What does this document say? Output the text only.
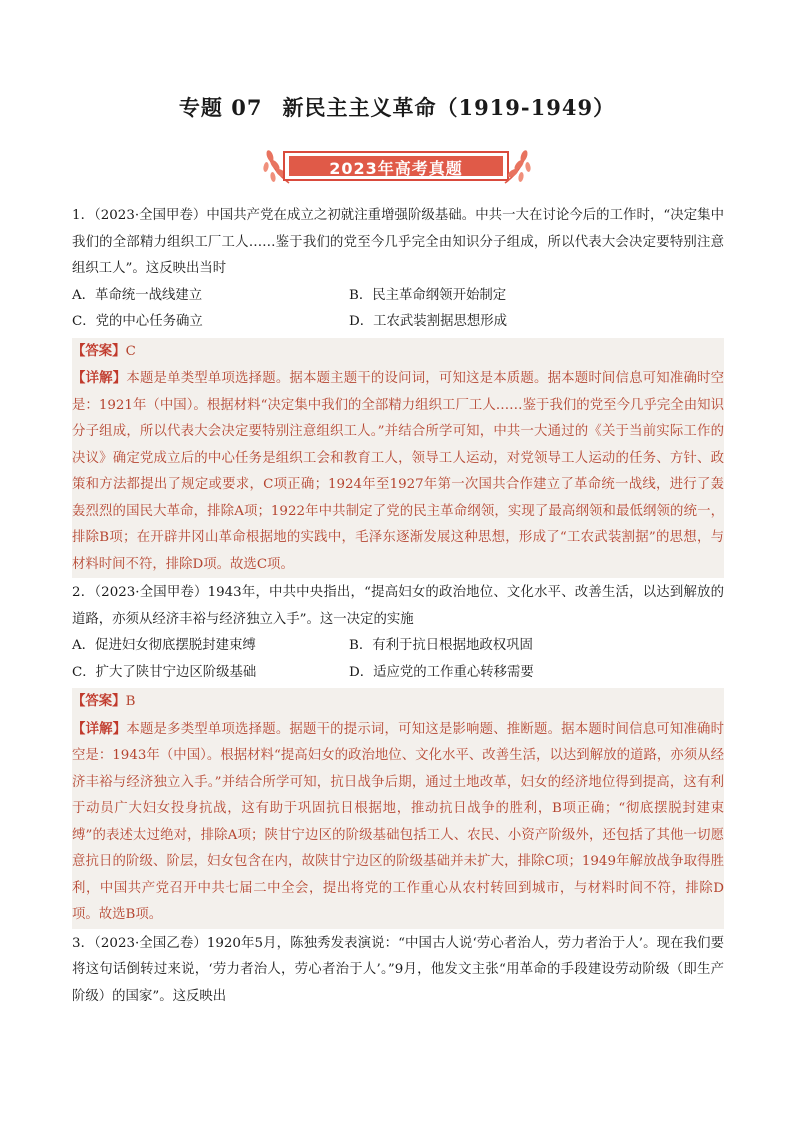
专题 07 新民主主义革命（1919-1949）
2023年高考真题

1．（2023·全国甲卷）中国共产党在成立之初就注重增强阶级基础。中共一大在讨论今后的工作时，“决定集中我们的全部精力组织工厂工人……鉴于我们的党至今几乎完全由知识分子组成，所以代表大会决定要特别注意组织工人”。这反映出当时

A．革命统一战线建立	B．民主革命纲领开始制定
C．党的中心任务确立	D．工农武装割据思想形成

【答案】C

【详解】本题是单类型单项选择题。据本题主题干的设问词，可知这是本质题。据本题时间信息可知准确时空是：1921年（中国）。根据材料“决定集中我们的全部精力组织工厂工人……鉴于我们的党至今几乎完全由知识分子组成，所以代表大会决定要特别注意组织工人。”并结合所学可知，中共一大通过的《关于当前实际工作的决议》确定党成立后的中心任务是组织工会和教育工人，领导工人运动，对党领导工人运动的任务、方针、政策和方法都提出了规定或要求，C项正确；1924年至1927年第一次国共合作建立了革命统一战线，进行了轰轰烈烈的国民大革命，排除A项；1922年中共制定了党的民主革命纲领，实现了最高纲领和最低纲领的统一，排除B项；在开辟井冈山革命根据地的实践中，毛泽东逐渐发展这种思想，形成了“工农武装割据”的思想，与材料时间不符，排除D项。故选C项。

2．（2023·全国甲卷）1943年，中共中央指出，“提高妇女的政治地位、文化水平、改善生活，以达到解放的道路，亦须从经济丰裕与经济独立入手”。这一决定的实施

A．促进妇女彻底摆脱封建束缚	B．有利于抗日根据地政权巩固
C．扩大了陕甘宁边区阶级基础	D．适应党的工作重心转移需要

【答案】B

【详解】本题是多类型单项选择题。据题干的提示词，可知这是影响题、推断题。据本题时间信息可知准确时空是：1943年（中国）。根据材料“提高妇女的政治地位、文化水平、改善生活，以达到解放的道路，亦须从经济丰裕与经济独立入手。”并结合所学可知，抗日战争后期，通过土地改革，妇女的经济地位得到提高，这有利于动员广大妇女投身抗战，这有助于巩固抗日根据地，推动抗日战争的胜利，B项正确；“彻底摆脱封建束缚”的表述太过绝对，排除A项；陕甘宁边区的阶级基础包括工人、农民、小资产阶级外，还包括了其他一切愿意抗日的阶级、阶层，妇女包含在内，故陕甘宁边区的阶级基础并未扩大，排除C项；1949年解放战争取得胜利，中国共产党召开中共七届二中全会，提出将党的工作重心从农村转回到城市，与材料时间不符，排除D项。故选B项。

3．（2023·全国乙卷）1920年5月，陈独秀发表演说：“中国古人说‘劳心者治人，劳力者治于人’。现在我们要将这句话倒转过来说，‘劳力者治人，劳心者治于人’。”9月，他发文主张“用革命的手段建设劳动阶级（即生产阶级）的国家”。这反映出
